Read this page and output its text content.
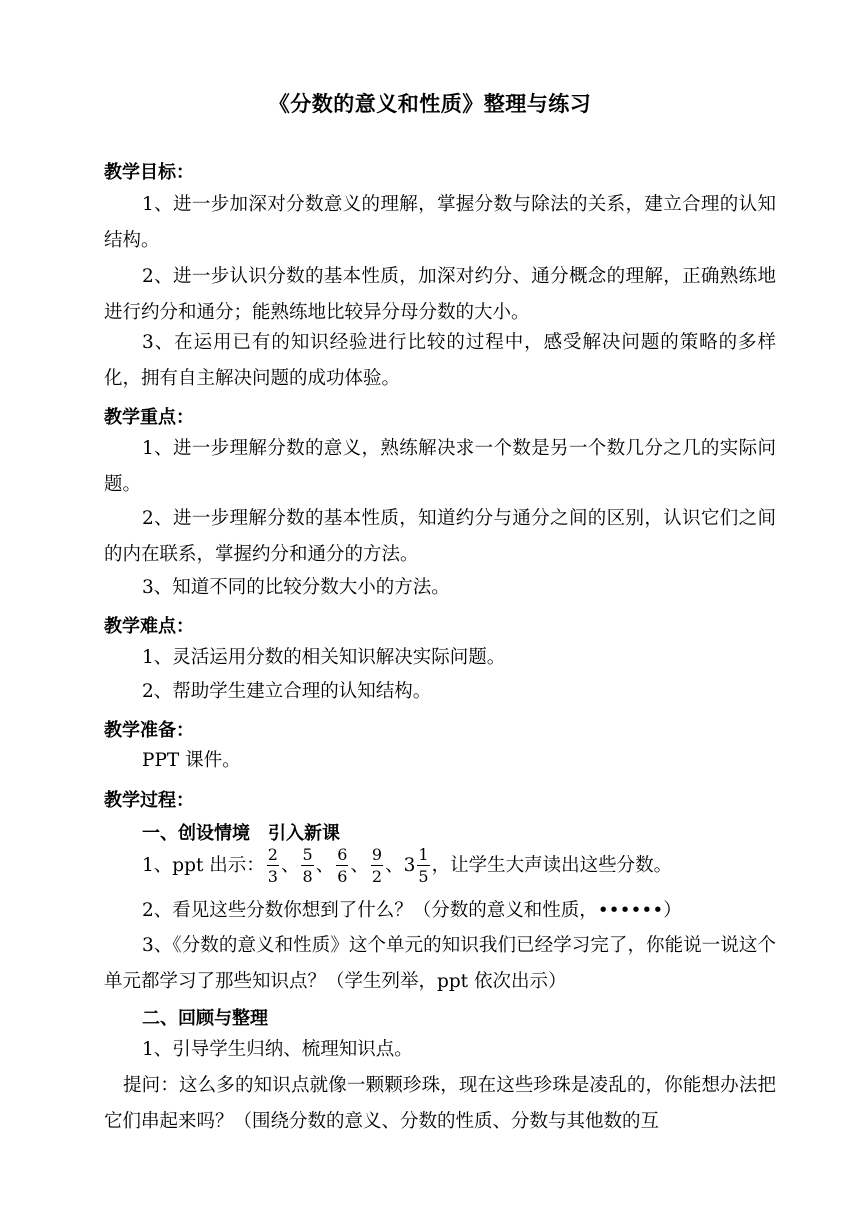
《分数的意义和性质》整理与练习
教学目标：
1、进一步加深对分数意义的理解，掌握分数与除法的关系，建立合理的认知结构。
2、进一步认识分数的基本性质，加深对约分、通分概念的理解，正确熟练地进行约分和通分；能熟练地比较异分母分数的大小。
3、在运用已有的知识经验进行比较的过程中，感受解决问题的策略的多样化，拥有自主解决问题的成功体验。
教学重点：
1、进一步理解分数的意义，熟练解决求一个数是另一个数几分之几的实际问题。
2、进一步理解分数的基本性质，知道约分与通分之间的区别，认识它们之间的内在联系，掌握约分和通分的方法。
3、知道不同的比较分数大小的方法。
教学难点：
1、灵活运用分数的相关知识解决实际问题。
2、帮助学生建立合理的认知结构。
教学准备：
PPT 课件。
教学过程：
一、创设情境　引入新课
1、ppt 出示： $\frac{2}{3}$ 、 $\frac{5}{8}$ 、 $\frac{6}{6}$ 、 $\frac{9}{2}$ 、$3 \frac{1}{5}$ ，让学生大声读出这些分数。
2、看见这些分数你想到了什么？（分数的意义和性质，••••••）
3、《分数的意义和性质》这个单元的知识我们已经学习完了，你能说一说这个单元都学习了那些知识点？（学生列举，ppt 依次出示）
二、回顾与整理
1、引导学生归纳、梳理知识点。
提问：这么多的知识点就像一颗颗珍珠，现在这些珍珠是凌乱的，你能想办法把它们串起来吗？（围绕分数的意义、分数的性质、分数与其他数的互
